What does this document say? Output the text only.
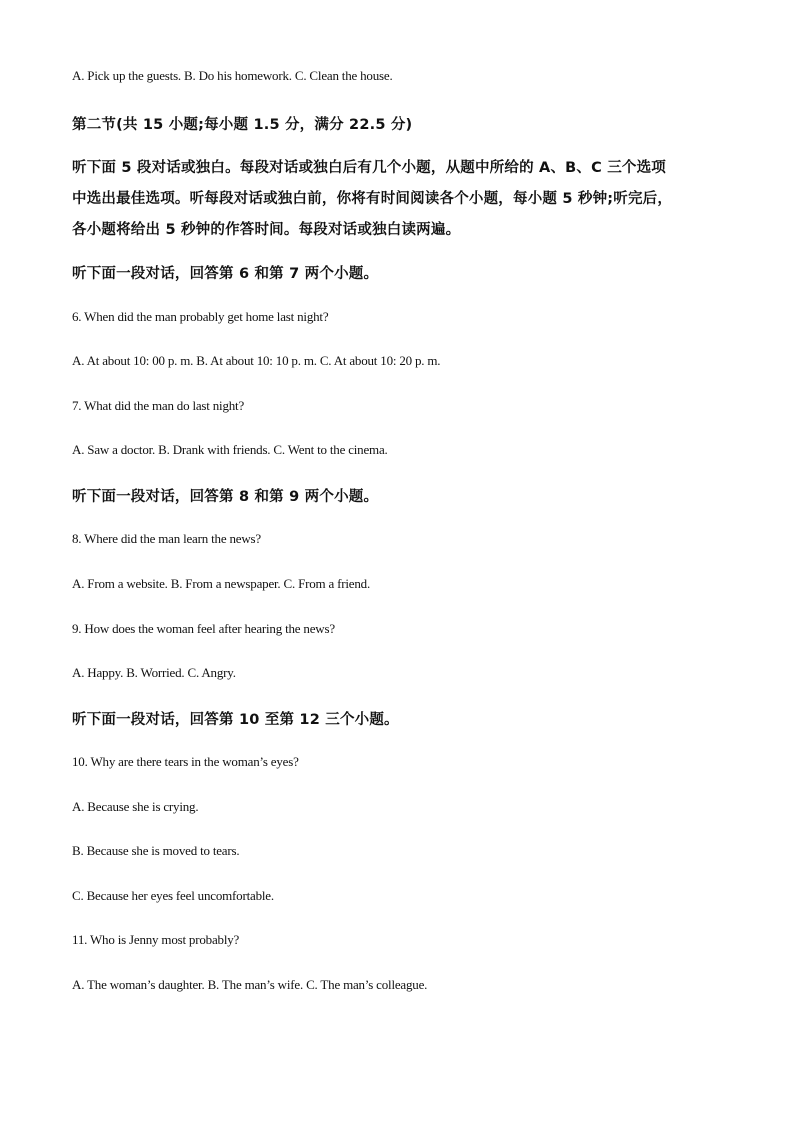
A. Pick up the guests. B. Do his homework. C. Clean the house.
第二节(共 15 小题;每小题 1.5 分，满分 22.5 分)
听下面 5 段对话或独白。每段对话或独白后有几个小题，从题中所给的 A、B、C 三个选项
中选出最佳选项。听每段对话或独白前，你将有时间阅读各个小题，每小题 5 秒钟;听完后，
各小题将给出 5 秒钟的作答时间。每段对话或独白读两遍。
听下面一段对话，回答第 6 和第 7 两个小题。
6. When did the man probably get home last night?
A. At about 10: 00 p. m. B. At about 10: 10 p. m. C. At about 10: 20 p. m.
7. What did the man do last night?
A. Saw a doctor. B. Drank with friends. C. Went to the cinema.
听下面一段对话，回答第 8 和第 9 两个小题。
8. Where did the man learn the news?
A. From a website. B. From a newspaper. C. From a friend.
9. How does the woman feel after hearing the news?
A. Happy. B. Worried. C. Angry.
听下面一段对话，回答第 10 至第 12 三个小题。
10. Why are there tears in the woman’s eyes?
A. Because she is crying.
B. Because she is moved to tears.
C. Because her eyes feel uncomfortable.
11. Who is Jenny most probably?
A. The woman’s daughter. B. The man’s wife. C. The man’s colleague.
